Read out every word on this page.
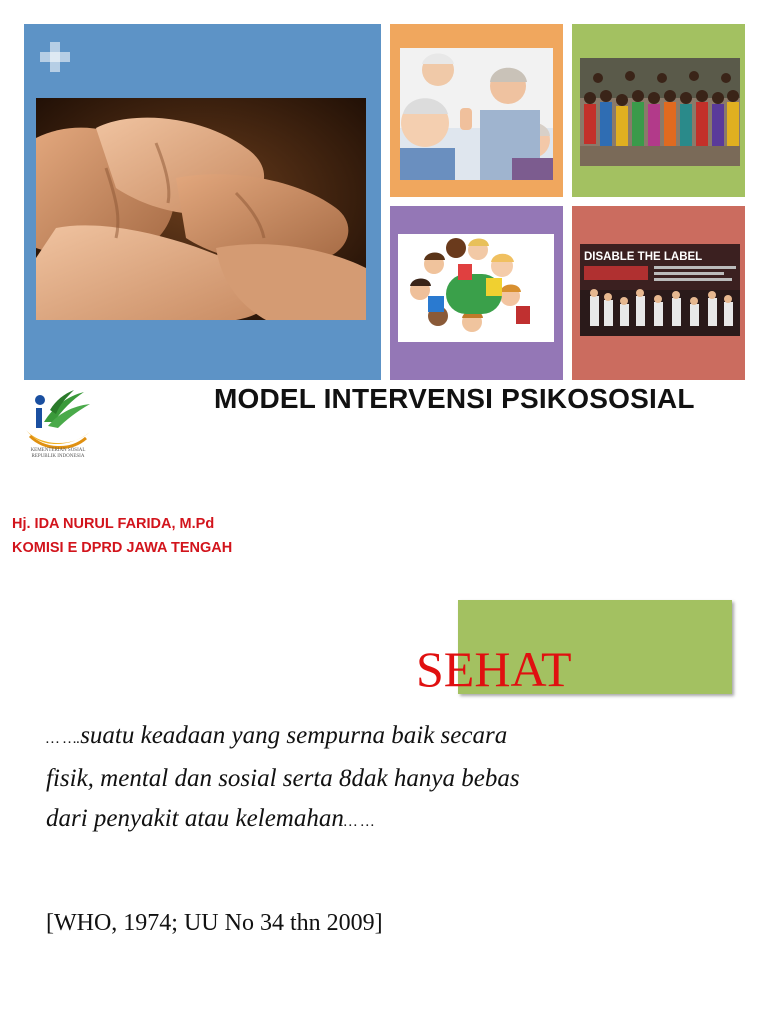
DISABLE THE LABEL
KEMENTERIAN SOSIAL
REPUBLIK INDONESIA
MODEL INTERVENSI PSIKOSOSIAL
Hj. IDA NURUL FARIDA, M.Pd
KOMISI E DPRD JAWA TENGAH
SEHAT
… ….suatu keadaan yang sempurna baik secara
fisik, mental dan sosial serta 8dak hanya bebas
dari penyakit atau kelemahan… …
[WHO, 1974; UU No 34 thn 2009]
